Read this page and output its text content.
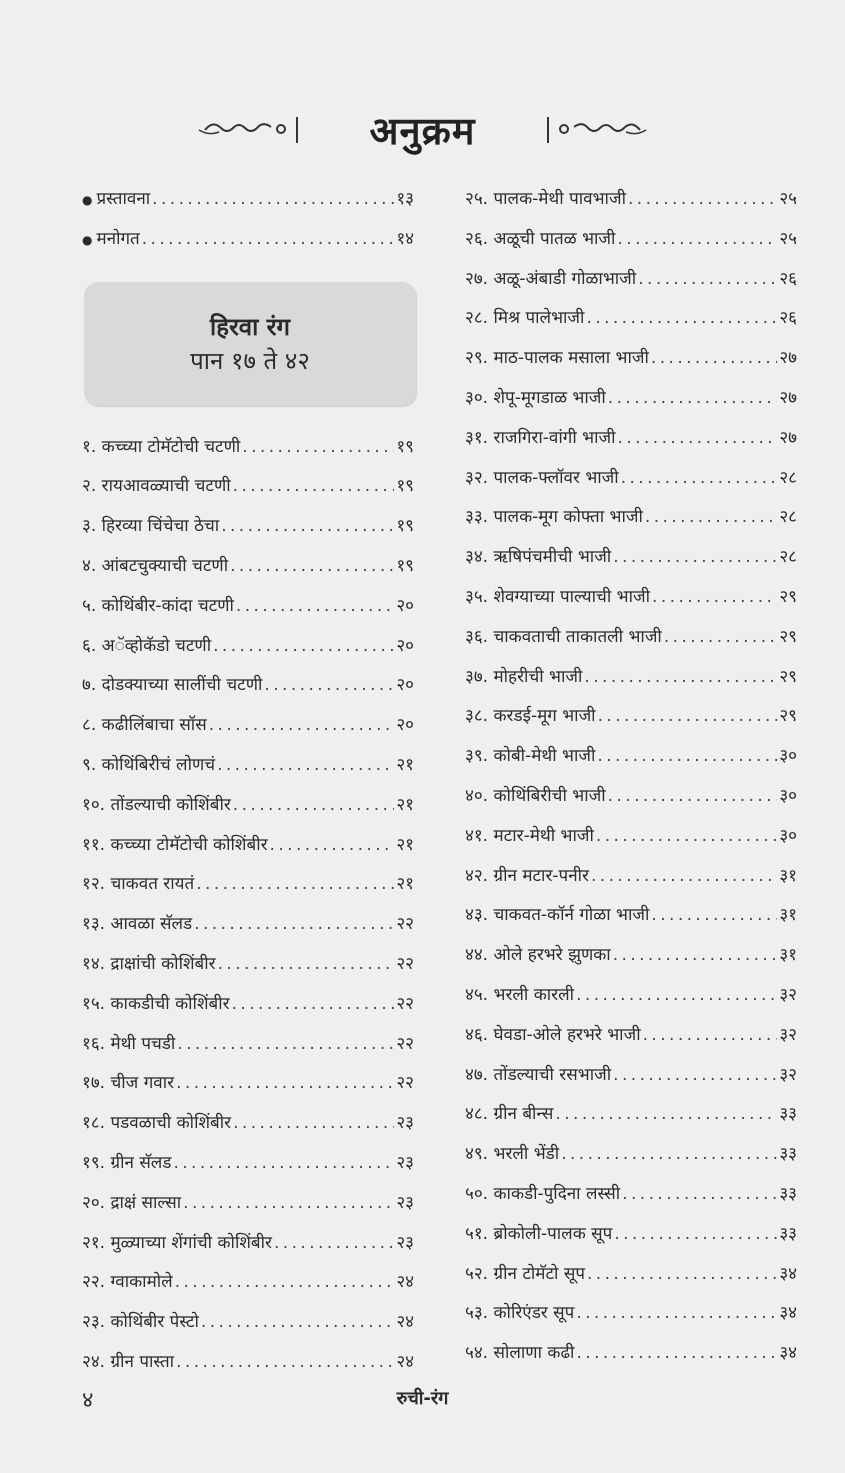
अनुक्रम
● प्रस्तावना . . .	१३
● मनोगत . . .	१४
हिरवा रंग
पान १७ ते ४२
१. कच्च्या टोमॅटोची चटणी . . .	१९
२. रायआवळ्याची चटणी . . .	१९
३. हिरव्या चिंचेचा ठेचा . . .	१९
४. आंबटचुक्याची चटणी . . .	१९
५. कोथिंबीर-कांदा चटणी . . .	२०
६. अॅव्होकॅडो चटणी . . .	२०
७. दोडक्याच्या सालींची चटणी . . .	२०
८. कढीलिंबाचा सॉस . . .	२०
९. कोथिंबिरीचं लोणचं . . .	२१
१०. तोंडल्याची कोशिंबीर . . .	२१
११. कच्च्या टोमॅटोची कोशिंबीर . . .	२१
१२. चाकवत रायतं . . .	२१
१३. आवळा सॅलड . . .	२२
१४. द्राक्षांची कोशिंबीर . . .	२२
१५. काकडीची कोशिंबीर . . .	२२
१६. मेथी पचडी . . .	२२
१७. चीज गवार . . .	२२
१८. पडवळाची कोशिंबीर . . .	२३
१९. ग्रीन सॅलड . . .	२३
२०. द्राक्षं साल्सा . . .	२३
२१. मुळ्याच्या शेंगांची कोशिंबीर . . .	२३
२२. ग्वाकामोले . . .	२४
२३. कोथिंबीर पेस्टो . . .	२४
२४. ग्रीन पास्ता . . .	२४
२५. पालक-मेथी पावभाजी . . .	२५
२६. अळूची पातळ भाजी . . .	२५
२७. अळू-अंबाडी गोळाभाजी . . .	२६
२८. मिश्र पालेभाजी . . .	२६
२९. माठ-पालक मसाला भाजी . . .	२७
३०. शेपू-मूगडाळ भाजी . . .	२७
३१. राजगिरा-वांगी भाजी . . .	२७
३२. पालक-फ्लॉवर भाजी . . .	२८
३३. पालक-मूग कोफ्ता भाजी . . .	२८
३४. ऋषिपंचमीची भाजी . . .	२८
३५. शेवग्याच्या पाल्याची भाजी . . .	२९
३६. चाकवताची ताकातली भाजी . . .	२९
३७. मोहरीची भाजी . . .	२९
३८. करडई-मूग भाजी . . .	२९
३९. कोबी-मेथी भाजी . . .	३०
४०. कोथिंबिरीची भाजी . . .	३०
४१. मटार-मेथी भाजी . . .	३०
४२. ग्रीन मटार-पनीर . . .	३१
४३. चाकवत-कॉर्न गोळा भाजी . . .	३१
४४. ओले हरभरे झुणका . . .	३१
४५. भरली कारली . . .	३२
४६. घेवडा-ओले हरभरे भाजी . . .	३२
४७. तोंडल्याची रसभाजी . . .	३२
४८. ग्रीन बीन्स . . .	३३
४९. भरली भेंडी . . .	३३
५०. काकडी-पुदिना लस्सी . . .	३३
५१. ब्रोकोली-पालक सूप . . .	३३
५२. ग्रीन टोमॅटो सूप . . .	३४
५३. कोरिएंडर सूप . . .	३४
५४. सोलाणा कढी . . .	३४
४	रुची-रंग
